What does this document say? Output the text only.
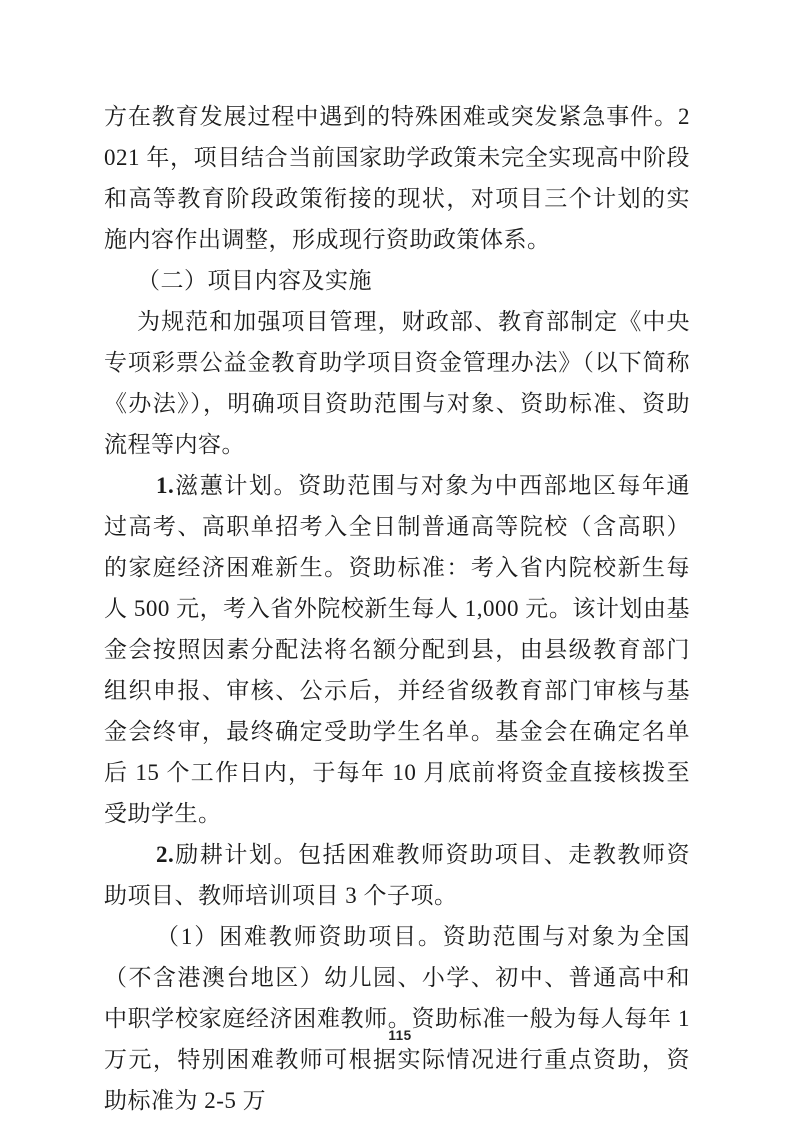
方在教育发展过程中遇到的特殊困难或突发紧急事件。2021 年，项目结合当前国家助学政策未完全实现高中阶段和高等教育阶段政策衔接的现状，对项目三个计划的实施内容作出调整，形成现行资助政策体系。

（二）项目内容及实施

为规范和加强项目管理，财政部、教育部制定《中央专项彩票公益金教育助学项目资金管理办法》（以下简称《办法》），明确项目资助范围与对象、资助标准、资助流程等内容。

1.滋蕙计划。资助范围与对象为中西部地区每年通过高考、高职单招考入全日制普通高等院校（含高职）的家庭经济困难新生。资助标准：考入省内院校新生每人 500 元，考入省外院校新生每人 1,000 元。该计划由基金会按照因素分配法将名额分配到县，由县级教育部门组织申报、审核、公示后，并经省级教育部门审核与基金会终审，最终确定受助学生名单。基金会在确定名单后 15 个工作日内，于每年 10 月底前将资金直接核拨至受助学生。

2.励耕计划。包括困难教师资助项目、走教教师资助项目、教师培训项目 3 个子项。

（1）困难教师资助项目。资助范围与对象为全国（不含港澳台地区）幼儿园、小学、初中、普通高中和中职学校家庭经济困难教师。资助标准一般为每人每年 1 万元，特别困难教师可根据实际情况进行重点资助，资助标准为 2-5 万

115
